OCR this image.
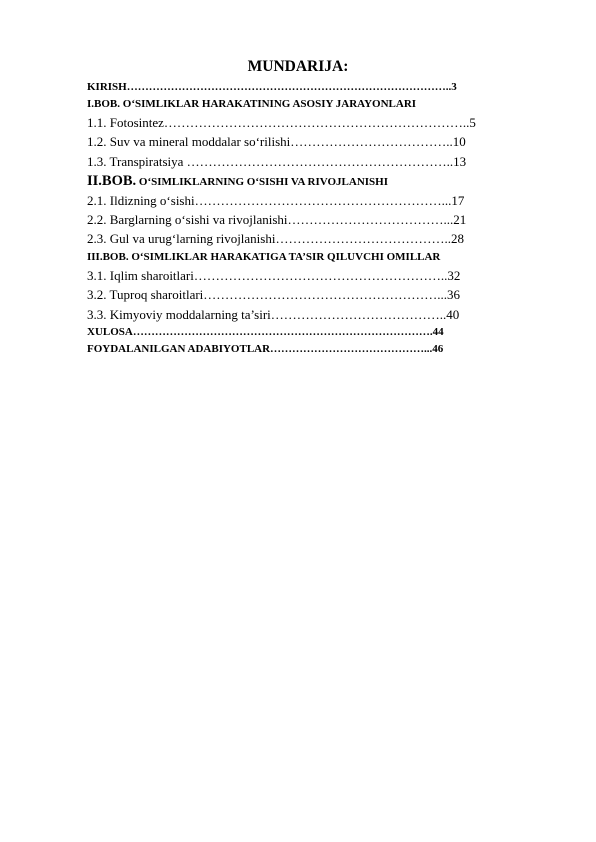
MUNDARIJA:
KIRISH……………………………………………………………………………..3
I.BOB. O‘SIMLIKLAR HARAKATINING ASOSIY JARAYONLARI
1.1. Fotosintez……………………………………………………………..5
1.2. Suv va mineral moddalar so‘rilishi………………………………..10
1.3. Transpiratsiya ……………………………………………………..13
II.BOB. O‘SIMLIKLARNING O‘SISHI VA RIVOJLANISHI
2.1. Ildizning o‘sishi…………………………………………………...17
2.2. Barglarning o‘sishi va rivojlanishi………………………………...21
2.3. Gul va urug‘larning rivojlanishi…………………………………..28
III.BOB. O‘SIMLIKLAR HARAKATIGA TA’SIR QILUVCHI OMILLAR
3.1. Iqlim sharoitlari…………………………………………………..32
3.2. Tuproq sharoitlari………………………………………………...36
3.3. Kimyoviy moddalarning ta’siri…………………………………..40
XULOSA……………………………………………………………………….44
FOYDALANILGAN ADABIYOTLAR……………………………………...46
